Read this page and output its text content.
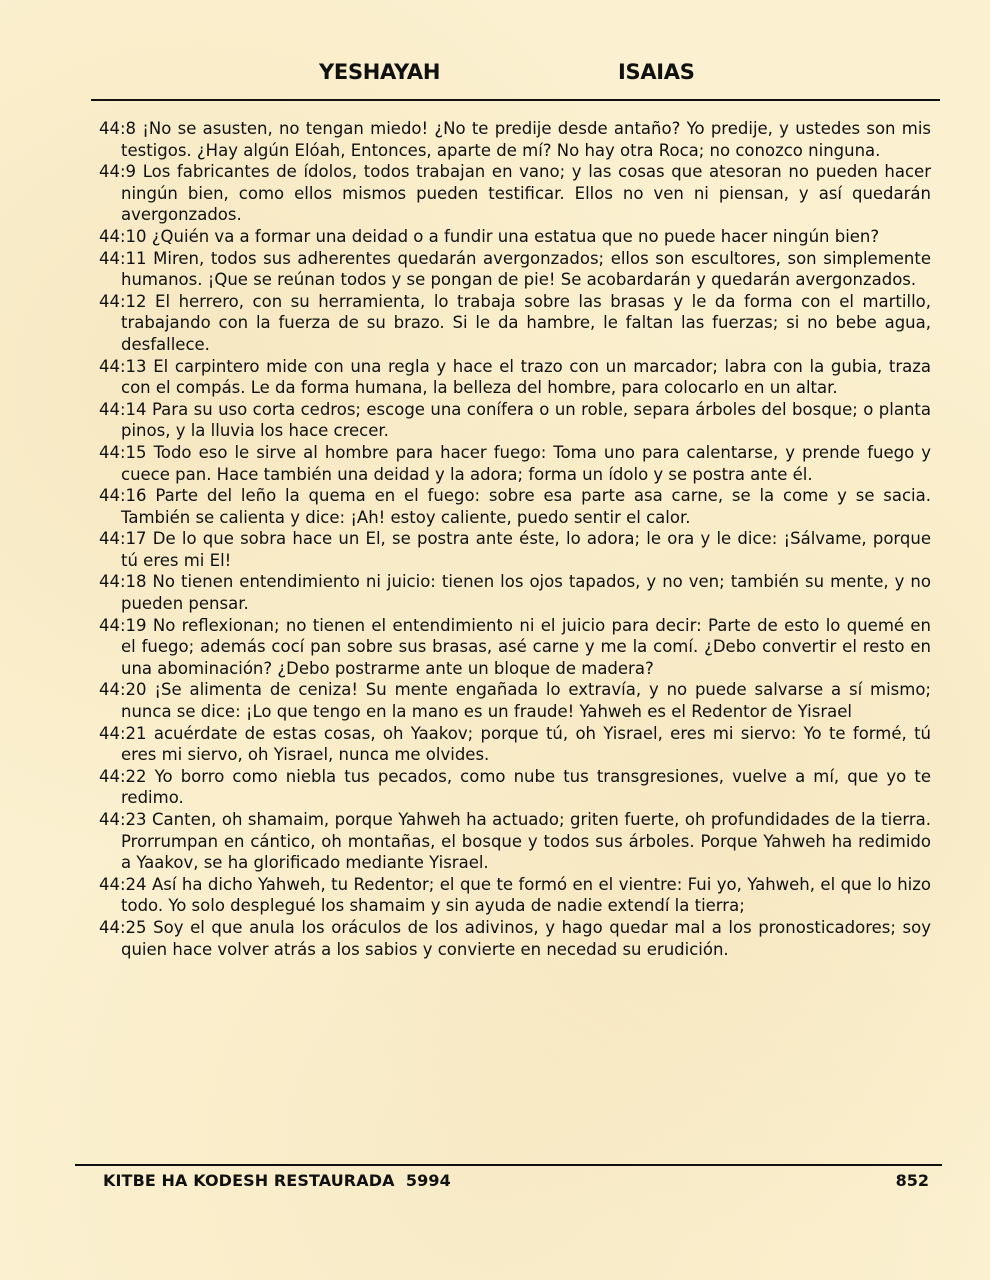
YESHAYAH	ISAIAS
44:8 ¡No se asusten, no tengan miedo! ¿No te predije desde antaño? Yo predije, y ustedes son mis testigos. ¿Hay algún Elóah, Entonces, aparte de mí? No hay otra Roca; no conozco ninguna.
44:9 Los fabricantes de ídolos, todos trabajan en vano; y las cosas que atesoran no pueden hacer ningún bien, como ellos mismos pueden testificar. Ellos no ven ni piensan, y así quedarán avergonzados.
44:10 ¿Quién va a formar una deidad o a fundir una estatua que no puede hacer ningún bien?
44:11 Miren, todos sus adherentes quedarán avergonzados; ellos son escultores, son simplemente humanos. ¡Que se reúnan todos y se pongan de pie! Se acobardarán y quedarán avergonzados.
44:12 El herrero, con su herramienta, lo trabaja sobre las brasas y le da forma con el martillo, trabajando con la fuerza de su brazo. Si le da hambre, le faltan las fuerzas; si no bebe agua, desfallece.
44:13 El carpintero mide con una regla y hace el trazo con un marcador; labra con la gubia, traza con el compás. Le da forma humana, la belleza del hombre, para colocarlo en un altar.
44:14 Para su uso corta cedros; escoge una conífera o un roble, separa árboles del bosque; o planta pinos, y la lluvia los hace crecer.
44:15 Todo eso le sirve al hombre para hacer fuego: Toma uno para calentarse, y prende fuego y cuece pan. Hace también una deidad y la adora; forma un ídolo y se postra ante él.
44:16 Parte del leño la quema en el fuego: sobre esa parte asa carne, se la come y se sacia. También se calienta y dice: ¡Ah! estoy caliente, puedo sentir el calor.
44:17 De lo que sobra hace un El, se postra ante éste, lo adora; le ora y le dice: ¡Sálvame, porque tú eres mi El!
44:18 No tienen entendimiento ni juicio: tienen los ojos tapados, y no ven; también su mente, y no pueden pensar.
44:19 No reflexionan; no tienen el entendimiento ni el juicio para decir: Parte de esto lo quemé en el fuego; además cocí pan sobre sus brasas, asé carne y me la comí. ¿Debo convertir el resto en una abominación? ¿Debo postrarme ante un bloque de madera?
44:20 ¡Se alimenta de ceniza! Su mente engañada lo extravía, y no puede salvarse a sí mismo; nunca se dice: ¡Lo que tengo en la mano es un fraude! Yahweh es el Redentor de Yisrael
44:21 acuérdate de estas cosas, oh Yaakov; porque tú, oh Yisrael, eres mi siervo: Yo te formé, tú eres mi siervo, oh Yisrael, nunca me olvides.
44:22 Yo borro como niebla tus pecados, como nube tus transgresiones, vuelve a mí, que yo te redimo.
44:23 Canten, oh shamaim, porque Yahweh ha actuado; griten fuerte, oh profundidades de la tierra. Prorrumpan en cántico, oh montañas, el bosque y todos sus árboles. Porque Yahweh ha redimido a Yaakov, se ha glorificado mediante Yisrael.
44:24 Así ha dicho Yahweh, tu Redentor; el que te formó en el vientre: Fui yo, Yahweh, el que lo hizo todo. Yo solo desplegué los shamaim y sin ayuda de nadie extendí la tierra;
44:25 Soy el que anula los oráculos de los adivinos, y hago quedar mal a los pronosticadores; soy quien hace volver atrás a los sabios y convierte en necedad su erudición.
KITBE HA KODESH RESTAURADA  5994	852
